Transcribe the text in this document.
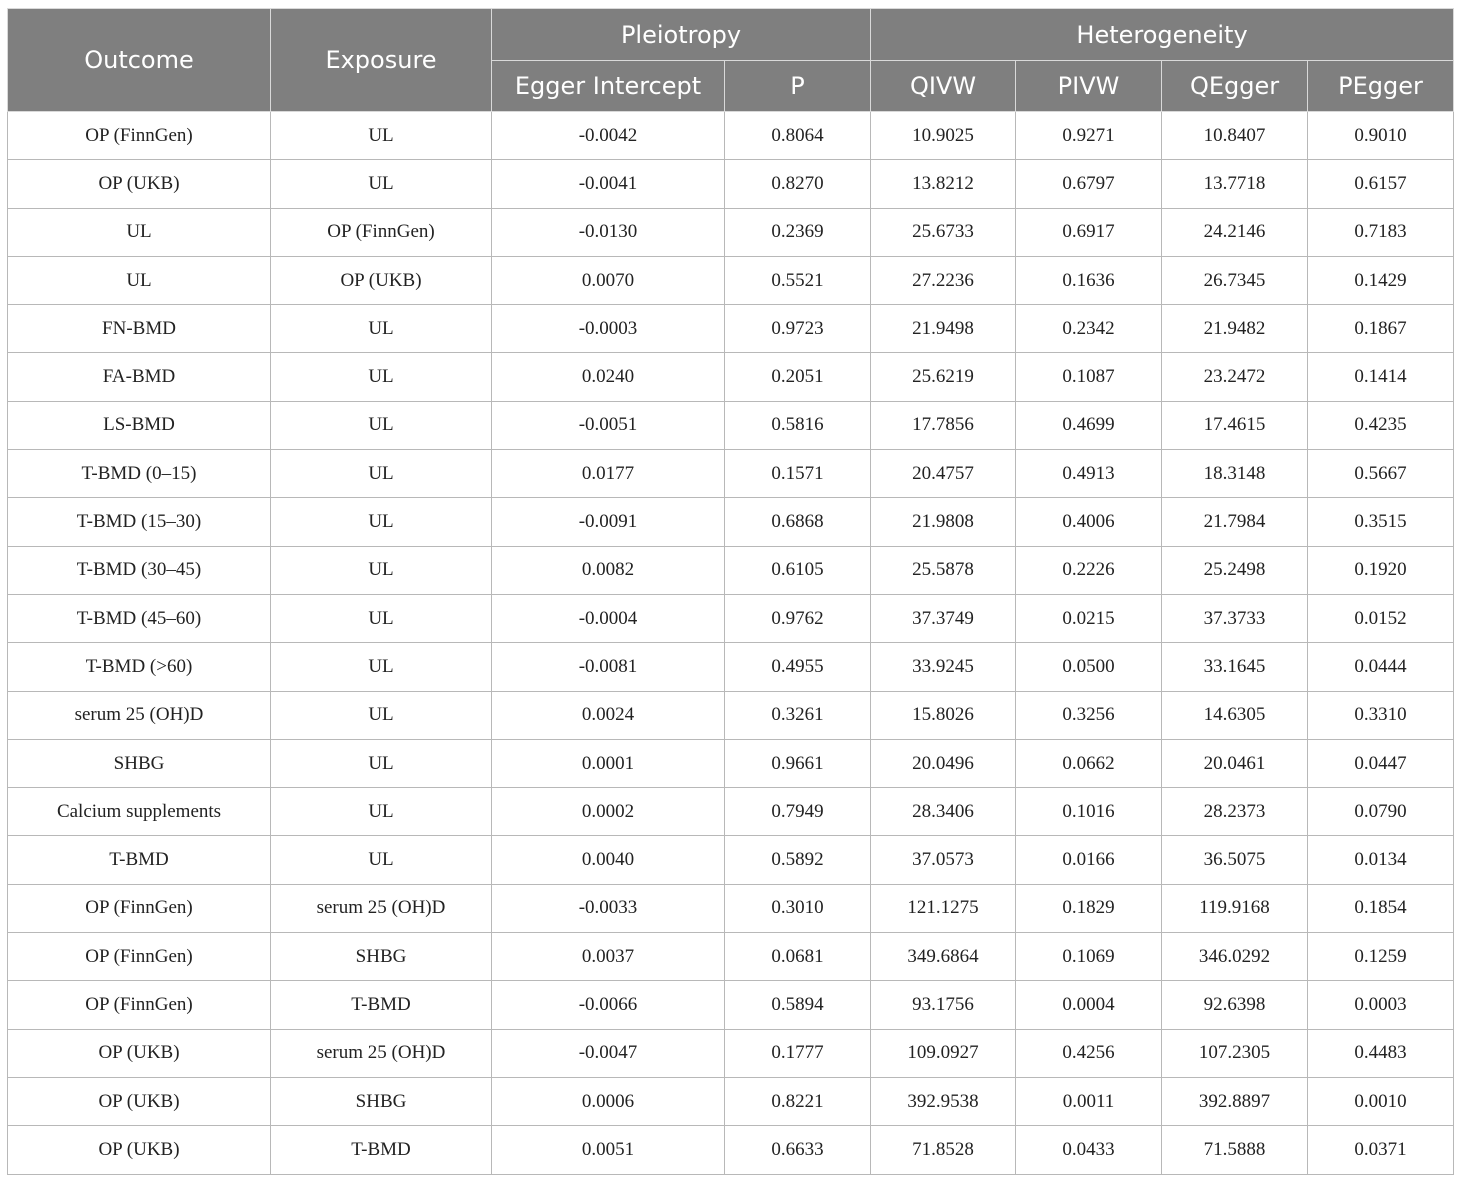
Outcome	Exposure	Pleiotropy		Heterogeneity			
		Egger Intercept	P	QIVW	PIVW	QEgger	PEgger
OP (FinnGen)	UL	-0.0042	0.8064	10.9025	0.9271	10.8407	0.9010
OP (UKB)	UL	-0.0041	0.8270	13.8212	0.6797	13.7718	0.6157
UL	OP (FinnGen)	-0.0130	0.2369	25.6733	0.6917	24.2146	0.7183
UL	OP (UKB)	0.0070	0.5521	27.2236	0.1636	26.7345	0.1429
FN-BMD	UL	-0.0003	0.9723	21.9498	0.2342	21.9482	0.1867
FA-BMD	UL	0.0240	0.2051	25.6219	0.1087	23.2472	0.1414
LS-BMD	UL	-0.0051	0.5816	17.7856	0.4699	17.4615	0.4235
T-BMD (0–15)	UL	0.0177	0.1571	20.4757	0.4913	18.3148	0.5667
T-BMD (15–30)	UL	-0.0091	0.6868	21.9808	0.4006	21.7984	0.3515
T-BMD (30–45)	UL	0.0082	0.6105	25.5878	0.2226	25.2498	0.1920
T-BMD (45–60)	UL	-0.0004	0.9762	37.3749	0.0215	37.3733	0.0152
T-BMD (>60)	UL	-0.0081	0.4955	33.9245	0.0500	33.1645	0.0444
serum 25 (OH)D	UL	0.0024	0.3261	15.8026	0.3256	14.6305	0.3310
SHBG	UL	0.0001	0.9661	20.0496	0.0662	20.0461	0.0447
Calcium supplements	UL	0.0002	0.7949	28.3406	0.1016	28.2373	0.0790
T-BMD	UL	0.0040	0.5892	37.0573	0.0166	36.5075	0.0134
OP (FinnGen)	serum 25 (OH)D	-0.0033	0.3010	121.1275	0.1829	119.9168	0.1854
OP (FinnGen)	SHBG	0.0037	0.0681	349.6864	0.1069	346.0292	0.1259
OP (FinnGen)	T-BMD	-0.0066	0.5894	93.1756	0.0004	92.6398	0.0003
OP (UKB)	serum 25 (OH)D	-0.0047	0.1777	109.0927	0.4256	107.2305	0.4483
OP (UKB)	SHBG	0.0006	0.8221	392.9538	0.0011	392.8897	0.0010
OP (UKB)	T-BMD	0.0051	0.6633	71.8528	0.0433	71.5888	0.0371
